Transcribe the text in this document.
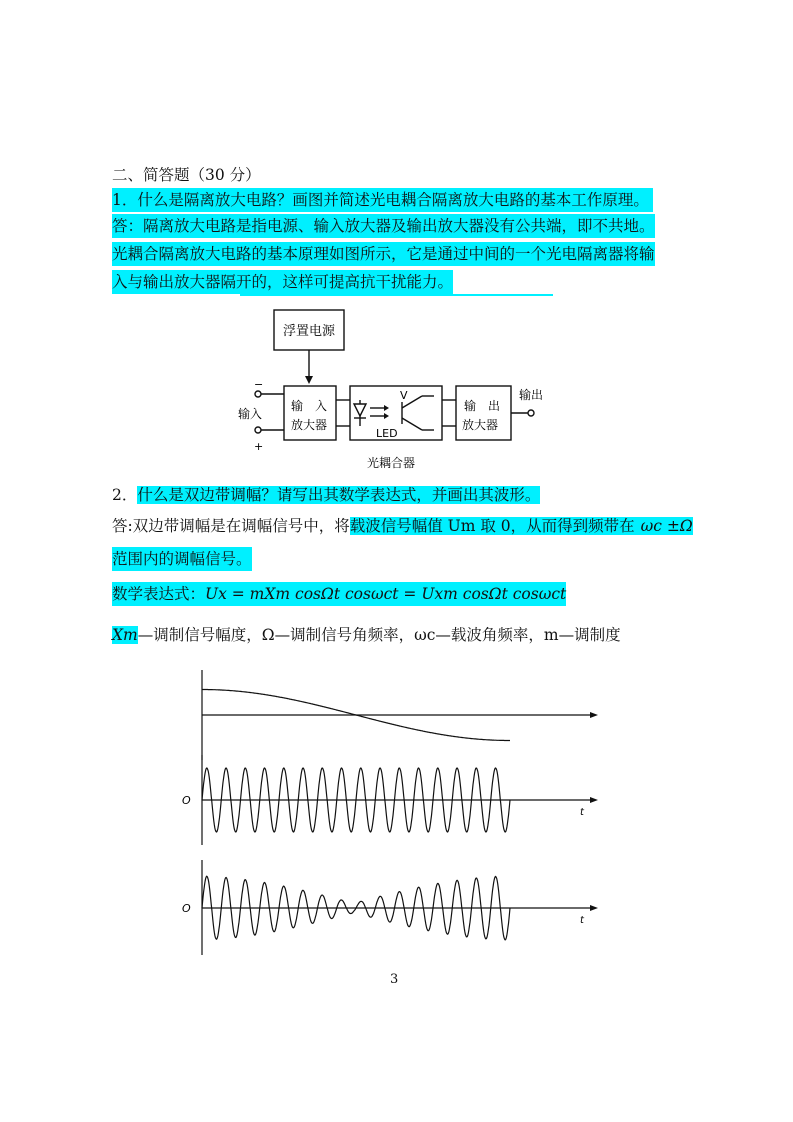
二、简答题（30 分）
1．什么是隔离放大电路？画图并简述光电耦合隔离放大电路的基本工作原理。
答：隔离放大电路是指电源、输入放大器及输出放大器没有公共端，即不共地。
光耦合隔离放大电路的基本原理如图所示，它是通过中间的一个光电隔离器将输
入与输出放大器隔开的，这样可提高抗干扰能力。
浮置电源
输　入
放大器
输　出
放大器
LED
V
输入
输出
−
+
光耦合器
2．什么是双边带调幅？请写出其数学表达式，并画出其波形。
答:双边带调幅是在调幅信号中，将载波信号幅值 Um 取 0，从而得到频带在 ωc ±Ω
范围内的调幅信号。
数学表达式：Ux = mXm cosΩt cosωct = Uxm cosΩt cosωct
Xm—调制信号幅度，Ω—调制信号角频率，ωc—载波角频率，m—调制度
O
t
O
t
3
